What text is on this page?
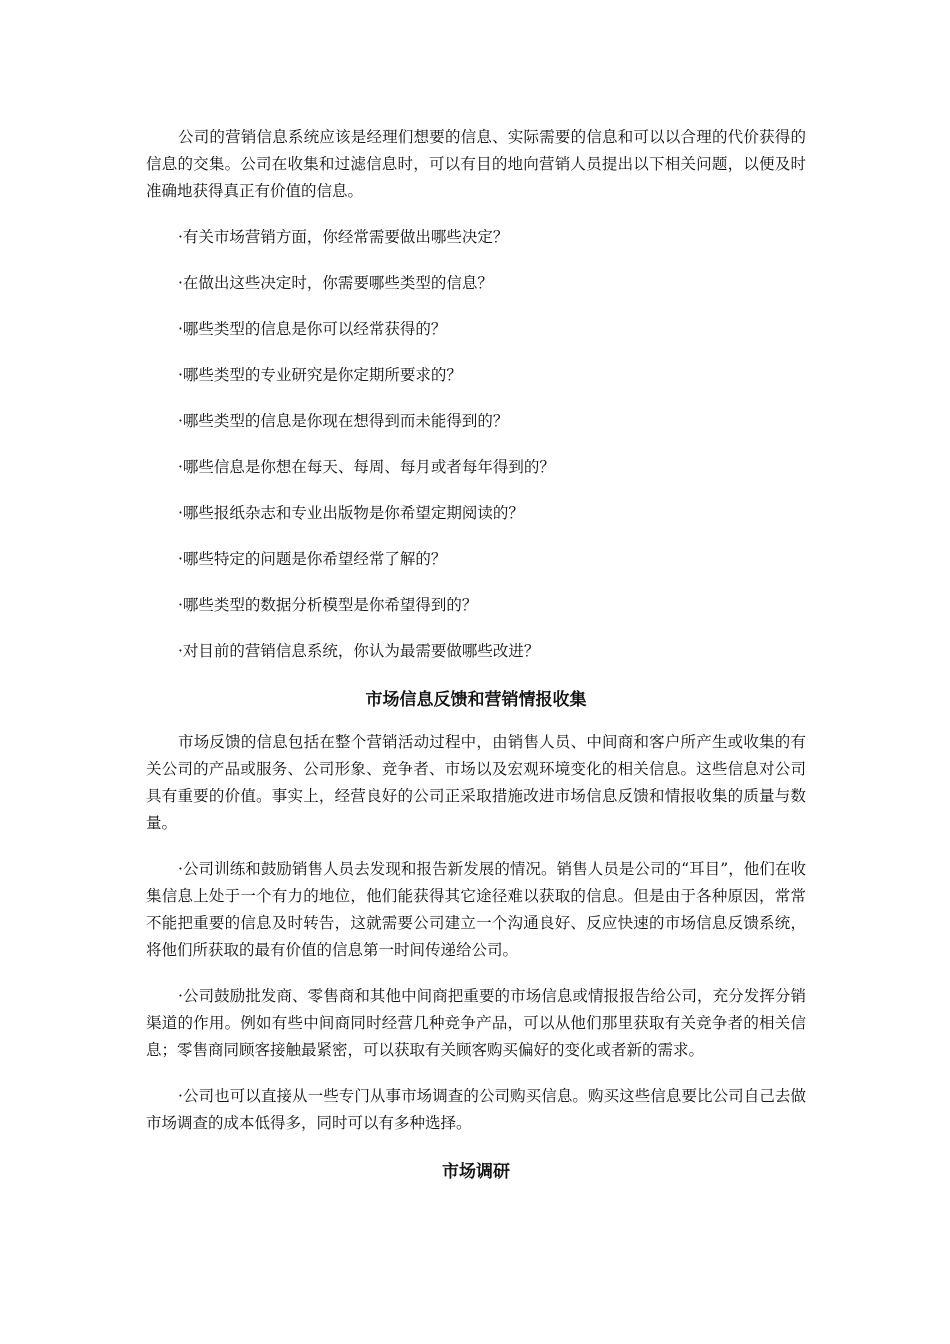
公司的营销信息系统应该是经理们想要的信息、实际需要的信息和可以以合理的代价获得的信息的交集。公司在收集和过滤信息时，可以有目的地向营销人员提出以下相关问题，以便及时准确地获得真正有价值的信息。

·有关市场营销方面，你经常需要做出哪些决定？

·在做出这些决定时，你需要哪些类型的信息？

·哪些类型的信息是你可以经常获得的？

·哪些类型的专业研究是你定期所要求的？

·哪些类型的信息是你现在想得到而未能得到的？

·哪些信息是你想在每天、每周、每月或者每年得到的？

·哪些报纸杂志和专业出版物是你希望定期阅读的？

·哪些特定的问题是你希望经常了解的？

·哪些类型的数据分析模型是你希望得到的？

·对目前的营销信息系统，你认为最需要做哪些改进？

市场信息反馈和营销情报收集

市场反馈的信息包括在整个营销活动过程中，由销售人员、中间商和客户所产生或收集的有关公司的产品或服务、公司形象、竞争者、市场以及宏观环境变化的相关信息。这些信息对公司具有重要的价值。事实上，经营良好的公司正采取措施改进市场信息反馈和情报收集的质量与数量。

·公司训练和鼓励销售人员去发现和报告新发展的情况。销售人员是公司的“耳目”，他们在收集信息上处于一个有力的地位，他们能获得其它途径难以获取的信息。但是由于各种原因，常常不能把重要的信息及时转告，这就需要公司建立一个沟通良好、反应快速的市场信息反馈系统，将他们所获取的最有价值的信息第一时间传递给公司。

·公司鼓励批发商、零售商和其他中间商把重要的市场信息或情报报告给公司，充分发挥分销渠道的作用。例如有些中间商同时经营几种竞争产品，可以从他们那里获取有关竞争者的相关信息；零售商同顾客接触最紧密，可以获取有关顾客购买偏好的变化或者新的需求。

·公司也可以直接从一些专门从事市场调查的公司购买信息。购买这些信息要比公司自己去做市场调查的成本低得多，同时可以有多种选择。

市场调研
